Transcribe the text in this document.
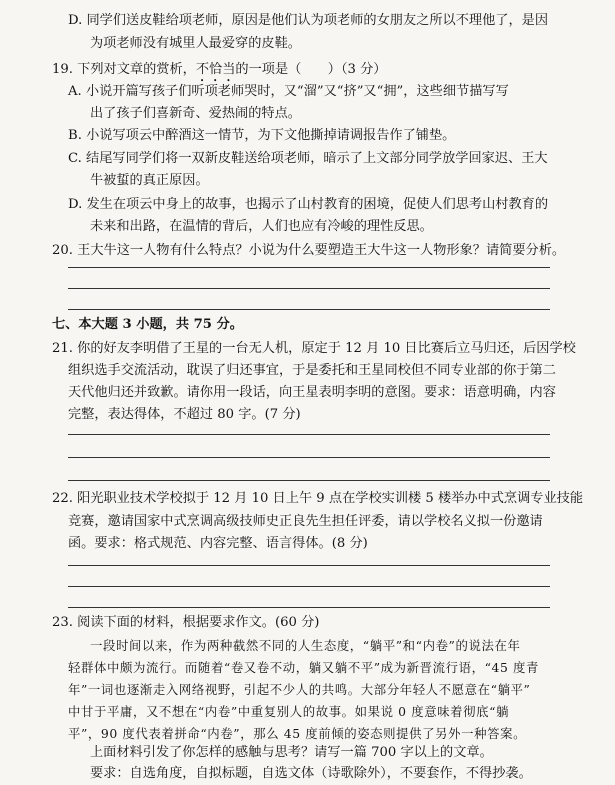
D. 同学们送皮鞋给项老师，原因是他们认为项老师的女朋友之所以不理他了，是因
为项老师没有城里人最爱穿的皮鞋。
19. 下列对文章的赏析，不恰当的一项是（　　）（3 分）
A. 小说开篇写孩子们听项老师哭时，又“溜”又“挤”又“拥”，这些细节描写写
出了孩子们喜新奇、爱热闹的特点。
B. 小说写项云中醉酒这一情节，为下文他撕掉请调报告作了铺垫。
C. 结尾写同学们将一双新皮鞋送给项老师，暗示了上文部分同学放学回家迟、王大
牛被蜇的真正原因。
D. 发生在项云中身上的故事，也揭示了山村教育的困境，促使人们思考山村教育的
未来和出路，在温情的背后，人们也应有冷峻的理性反思。
20. 王大牛这一人物有什么特点？小说为什么要塑造王大牛这一人物形象？请简要分析。
七、本大题 3 小题，共 75 分。
21. 你的好友李明借了王星的一台无人机，原定于 12 月 10 日比赛后立马归还，后因学校
组织选手交流活动，耽误了归还事宜，于是委托和王星同校但不同专业部的你于第二
天代他归还并致歉。请你用一段话，向王星表明李明的意图。要求：语意明确，内容
完整，表达得体，不超过 80 字。(7 分)
22. 阳光职业技术学校拟于 12 月 10 日上午 9 点在学校实训楼 5 楼举办中式烹调专业技能
竞赛，邀请国家中式烹调高级技师史正良先生担任评委，请以学校名义拟一份邀请
函。要求：格式规范、内容完整、语言得体。(8 分)
23. 阅读下面的材料，根据要求作文。(60 分)
一段时间以来，作为两种截然不同的人生态度，“躺平”和“内卷”的说法在年
轻群体中颇为流行。而随着“卷又卷不动，躺又躺不平”成为新晋流行语，“45 度青
年”一词也逐渐走入网络视野，引起不少人的共鸣。大部分年轻人不愿意在“躺平”
中甘于平庸，又不想在“内卷”中重复别人的故事。如果说 0 度意味着彻底“躺
平”，90 度代表着拼命“内卷”，那么 45 度前倾的姿态则提供了另外一种答案。
上面材料引发了你怎样的感触与思考？请写一篇 700 字以上的文章。
要求：自选角度，自拟标题，自选文体（诗歌除外），不要套作，不得抄袭。
